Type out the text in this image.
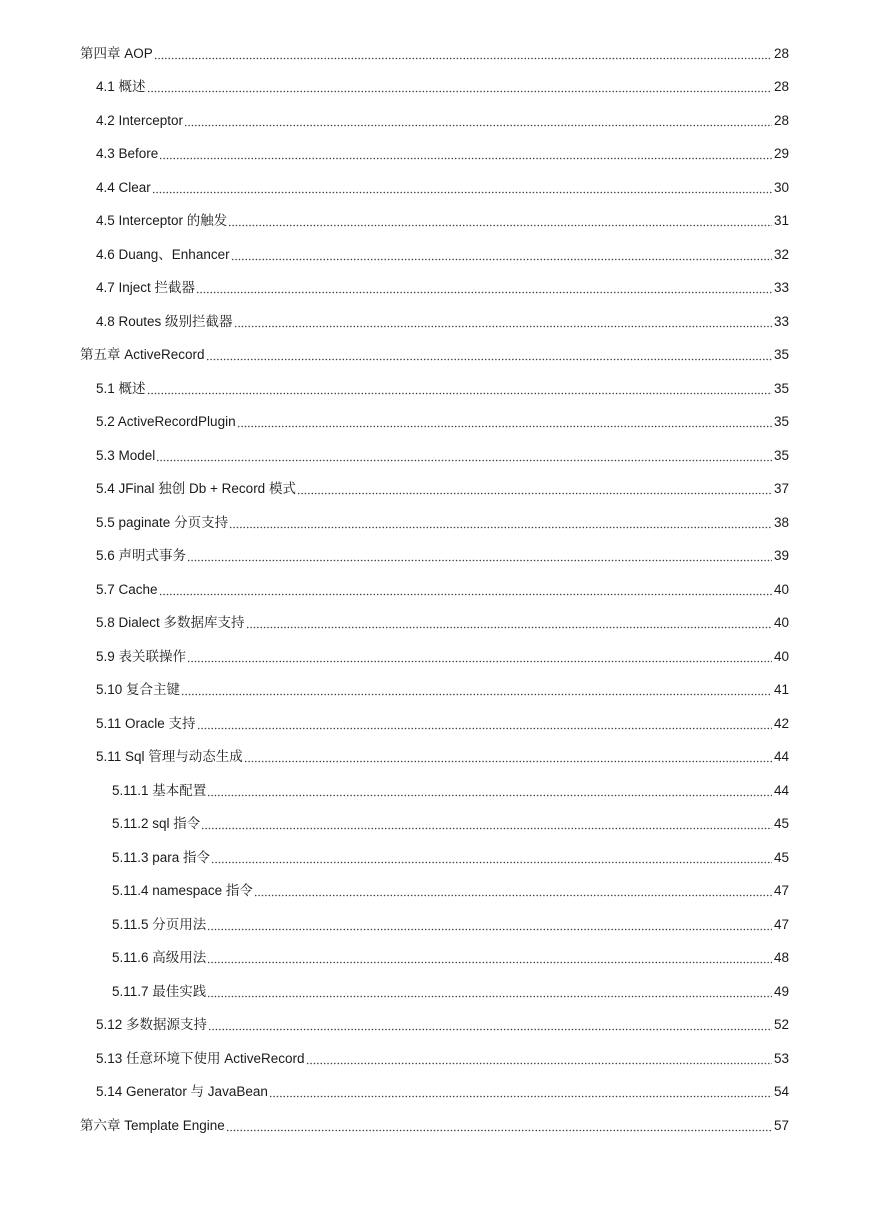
第四章 AOP	28
4.1 概述	28
4.2 Interceptor	28
4.3 Before	29
4.4 Clear	30
4.5 Interceptor 的触发	31
4.6 Duang、Enhancer	32
4.7 Inject 拦截器	33
4.8 Routes 级别拦截器	33
第五章 ActiveRecord	35
5.1 概述	35
5.2 ActiveRecordPlugin	35
5.3 Model	35
5.4 JFinal 独创 Db + Record 模式	37
5.5 paginate 分页支持	38
5.6 声明式事务	39
5.7 Cache	40
5.8 Dialect 多数据库支持	40
5.9 表关联操作	40
5.10 复合主键	41
5.11 Oracle 支持	42
5.11 Sql 管理与动态生成	44
5.11.1 基本配置	44
5.11.2 sql 指令	45
5.11.3 para 指令	45
5.11.4 namespace 指令	47
5.11.5 分页用法	47
5.11.6 高级用法	48
5.11.7 最佳实践	49
5.12 多数据源支持	52
5.13 任意环境下使用 ActiveRecord	53
5.14 Generator 与 JavaBean	54
第六章 Template Engine	57
